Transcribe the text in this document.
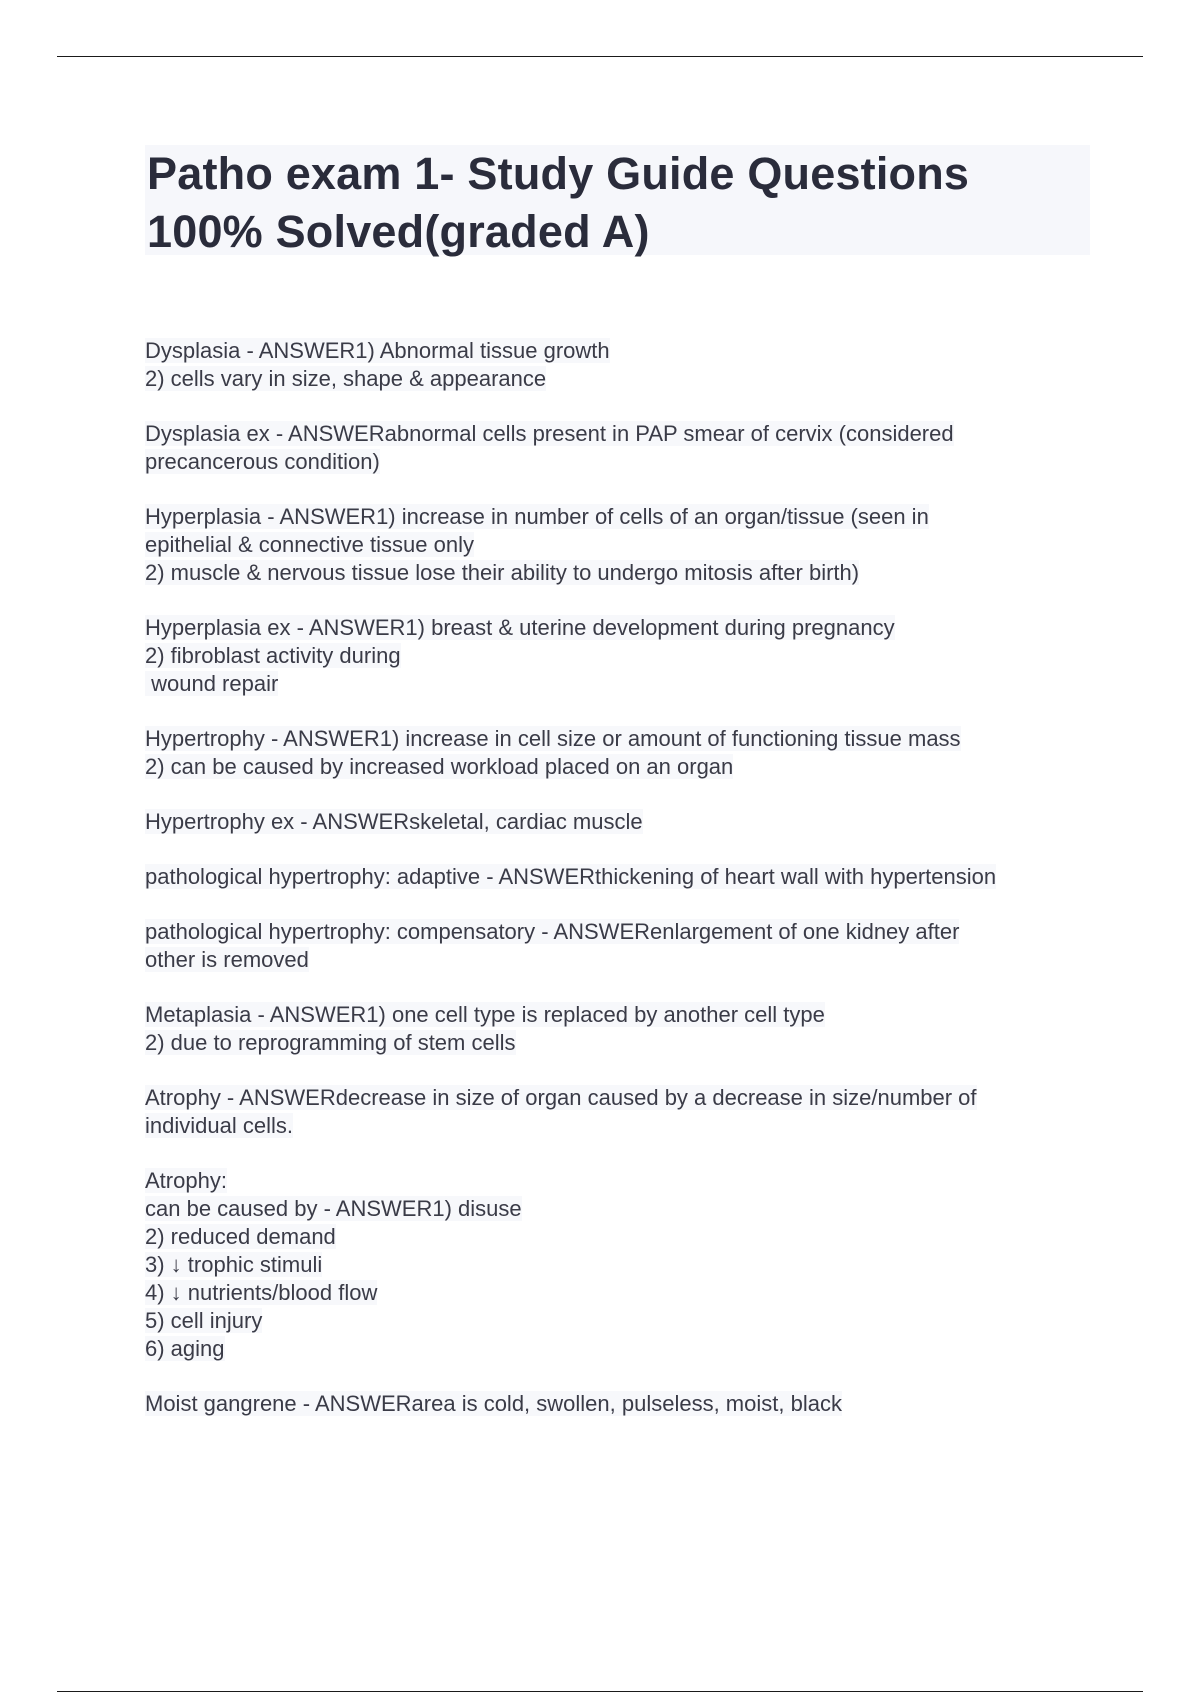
Patho exam 1- Study Guide Questions
100% Solved(graded A)
Dysplasia - ANSWER1) Abnormal tissue growth
2) cells vary in size, shape & appearance
Dysplasia ex - ANSWERabnormal cells present in PAP smear of cervix (considered
precancerous condition)
Hyperplasia - ANSWER1) increase in number of cells of an organ/tissue (seen in
epithelial & connective tissue only
2) muscle & nervous tissue lose their ability to undergo mitosis after birth)
Hyperplasia ex - ANSWER1) breast & uterine development during pregnancy
2) fibroblast activity during
wound repair
Hypertrophy - ANSWER1) increase in cell size or amount of functioning tissue mass
2) can be caused by increased workload placed on an organ
Hypertrophy ex - ANSWERskeletal, cardiac muscle
pathological hypertrophy: adaptive - ANSWERthickening of heart wall with hypertension
pathological hypertrophy: compensatory - ANSWERenlargement of one kidney after
other is removed
Metaplasia - ANSWER1) one cell type is replaced by another cell type
2) due to reprogramming of stem cells
Atrophy - ANSWERdecrease in size of organ caused by a decrease in size/number of
individual cells.
Atrophy:
can be caused by - ANSWER1) disuse
2) reduced demand
3) ↓ trophic stimuli
4) ↓ nutrients/blood flow
5) cell injury
6) aging
Moist gangrene - ANSWERarea is cold, swollen, pulseless, moist, black
